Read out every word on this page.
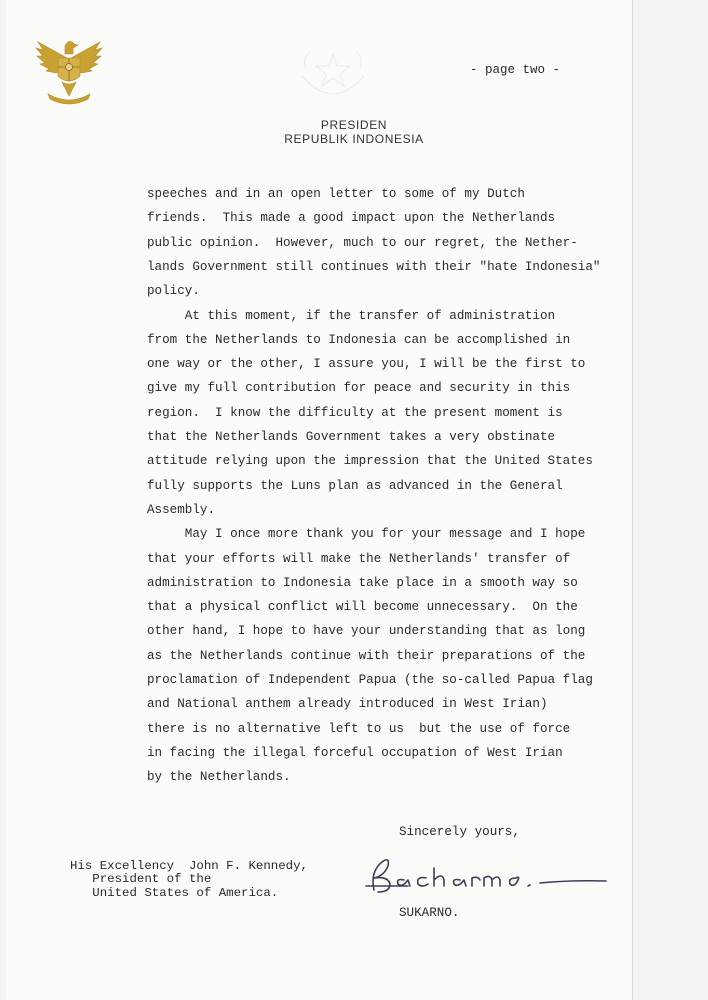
- page two -
PRESIDEN
REPUBLIK INDONESIA
speeches and in an open letter to some of my Dutch
friends.  This made a good impact upon the Netherlands
public opinion.  However, much to our regret, the Nether-
lands Government still continues with their "hate Indonesia"
policy.
At this moment, if the transfer of administration
from the Netherlands to Indonesia can be accomplished in
one way or the other, I assure you, I will be the first to
give my full contribution for peace and security in this
region.  I know the difficulty at the present moment is
that the Netherlands Government takes a very obstinate
attitude relying upon the impression that the United States
fully supports the Luns plan as advanced in the General
Assembly.
May I once more thank you for your message and I hope
that your efforts will make the Netherlands' transfer of
administration to Indonesia take place in a smooth way so
that a physical conflict will become unnecessary.  On the
other hand, I hope to have your understanding that as long
as the Netherlands continue with their preparations of the
proclamation of Independent Papua (the so-called Papua flag
and National anthem already introduced in West Irian)
there is no alternative left to us  but the use of force
in facing the illegal forceful occupation of West Irian
by the Netherlands.
Sincerely yours,
His Excellency  John F. Kennedy,
President of the
United States of America.
SUKARNO.
